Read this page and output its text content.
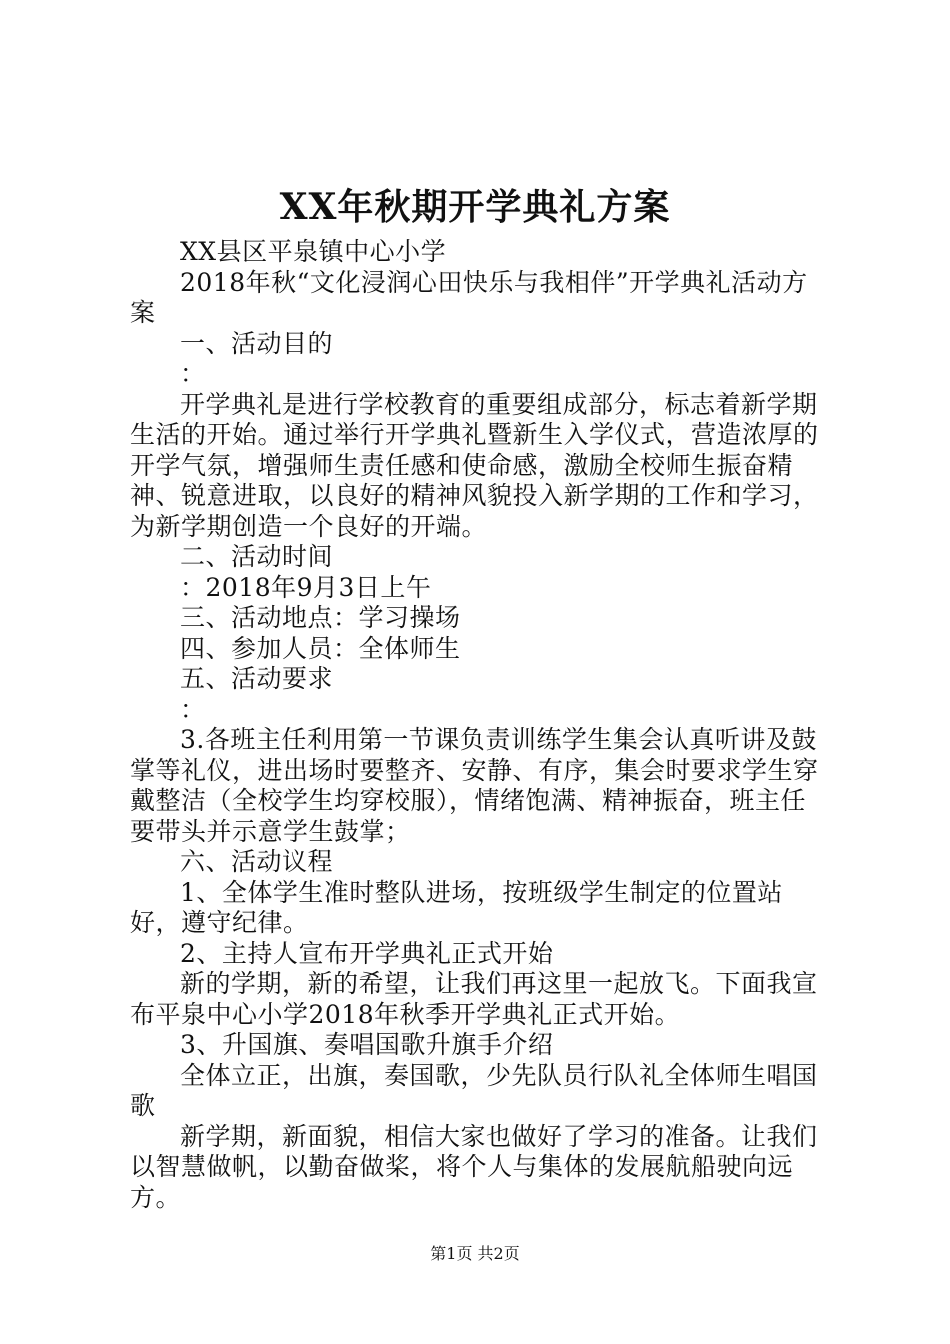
XX年秋期开学典礼方案

XX县区平泉镇中心小学

2018年秋“文化浸润心田快乐与我相伴”开学典礼活动方案

一、活动目的

：

开学典礼是进行学校教育的重要组成部分，标志着新学期生活的开始。通过举行开学典礼暨新生入学仪式，营造浓厚的开学气氛，增强师生责任感和使命感，激励全校师生振奋精神、锐意进取，以良好的精神风貌投入新学期的工作和学习，为新学期创造一个良好的开端。

二、活动时间

：2018年9月3日上午

三、活动地点：学习操场

四、参加人员：全体师生

五、活动要求

：

3.各班主任利用第一节课负责训练学生集会认真听讲及鼓掌等礼仪，进出场时要整齐、安静、有序，集会时要求学生穿戴整洁（全校学生均穿校服），情绪饱满、精神振奋，班主任要带头并示意学生鼓掌；

六、活动议程

1、全体学生准时整队进场，按班级学生制定的位置站好，遵守纪律。

2、主持人宣布开学典礼正式开始

新的学期，新的希望，让我们再这里一起放飞。下面我宣布平泉中心小学2018年秋季开学典礼正式开始。

3、升国旗、奏唱国歌升旗手介绍

全体立正，出旗，奏国歌，少先队员行队礼全体师生唱国歌

新学期，新面貌，相信大家也做好了学习的准备。让我们以智慧做帆，以勤奋做桨，将个人与集体的发展航船驶向远方。

第1页 共2页
